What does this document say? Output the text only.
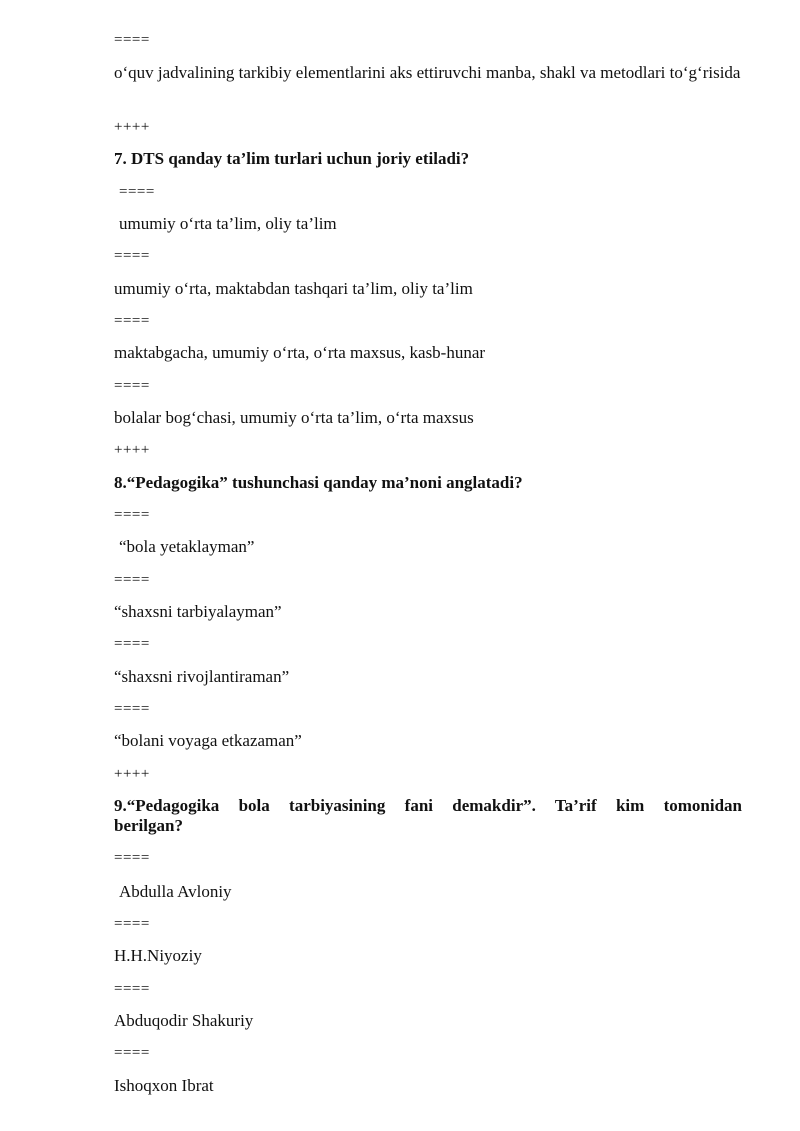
====
o‘quv jadvalining tarkibiy elementlarini aks ettiruvchi manba, shakl va metodlari to‘g‘risida
++++
7. DTS qanday ta’lim turlari uchun joriy etiladi?
====
umumiy o‘rta ta’lim, oliy ta’lim
====
umumiy o‘rta, maktabdan tashqari ta’lim, oliy ta’lim
====
maktabgacha, umumiy o‘rta, o‘rta maxsus, kasb-hunar
====
bolalar bog‘chasi, umumiy o‘rta ta’lim, o‘rta maxsus
++++
8.“Pedagogika” tushunchasi qanday ma’noni anglatadi?
====
“bola yetaklayman”
====
“shaxsni tarbiyalayman”
====
“shaxsni rivojlantiraman”
====
“bolani voyaga etkazaman”
++++
9.“Pedagogika bola tarbiyasining fani demakdir”. Ta’rif kim tomonidan
berilgan?
====
Abdulla Avloniy
====
H.H.Niyoziy
====
Abduqodir Shakuriy
====
Ishoqxon Ibrat
